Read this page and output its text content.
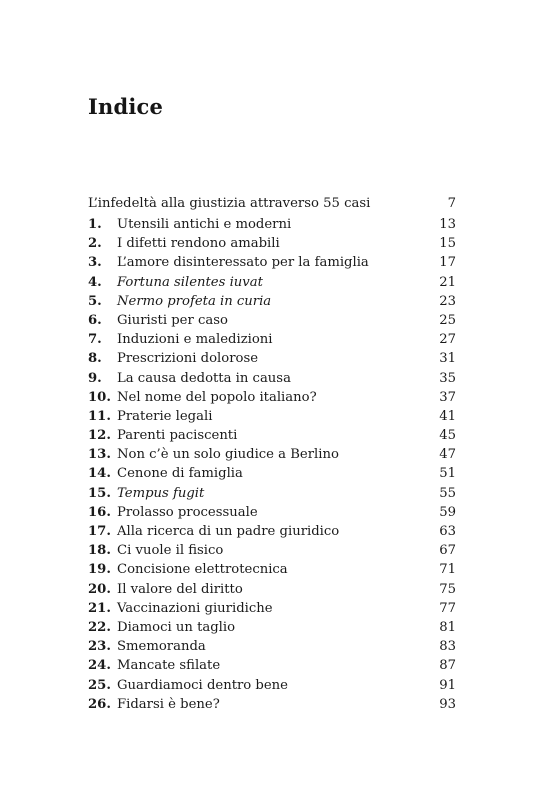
Indice
L’infedeltà alla giustizia attraverso 55 casi	7
1.	Utensili antichi e moderni	13
2.	I difetti rendono amabili	15
3.	L’amore disinteressato per la famiglia	17
4.	Fortuna silentes iuvat	21
5.	Nermo profeta in curia	23
6.	Giuristi per caso	25
7.	Induzioni e maledizioni	27
8.	Prescrizioni dolorose	31
9.	La causa dedotta in causa	35
10. Nel nome del popolo italiano?	37
11. Praterie legali	41
12. Parenti paciscenti	45
13. Non c’è un solo giudice a Berlino	47
14. Cenone di famiglia	51
15. Tempus fugit	55
16. Prolasso processuale	59
17. Alla ricerca di un padre giuridico	63
18. Ci vuole il fisico	67
19. Concisione elettrotecnica	71
20. Il valore del diritto	75
21. Vaccinazioni giuridiche	77
22. Diamoci un taglio	81
23. Smemoranda	83
24. Mancate sfilate	87
25. Guardiamoci dentro bene	91
26. Fidarsi è bene?	93
